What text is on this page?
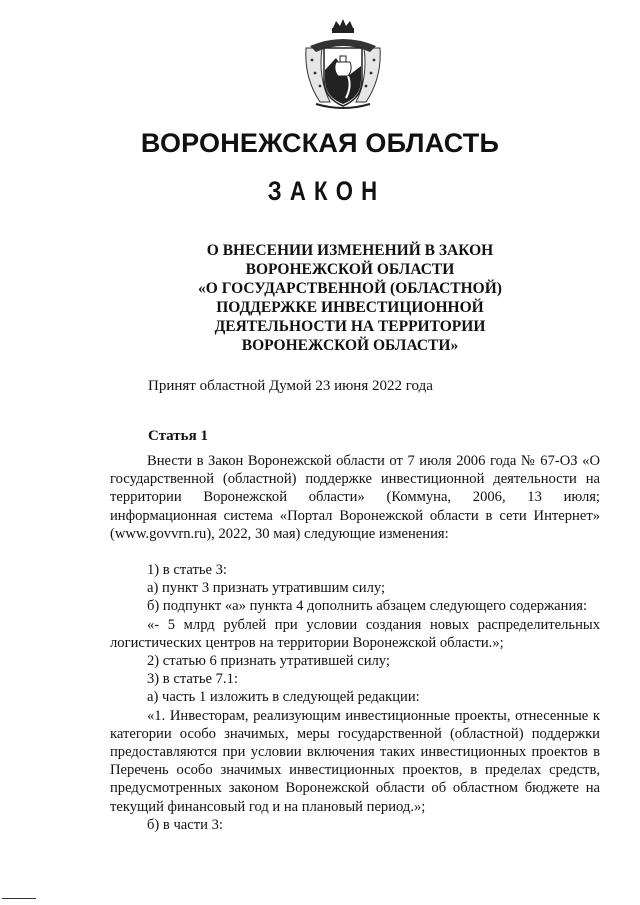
ВОРОНЕЖСКАЯ ОБЛАСТЬ
ЗАКОН
О ВНЕСЕНИИ ИЗМЕНЕНИЙ В ЗАКОН
ВОРОНЕЖСКОЙ ОБЛАСТИ
«О ГОСУДАРСТВЕННОЙ (ОБЛАСТНОЙ)
ПОДДЕРЖКЕ ИНВЕСТИЦИОННОЙ
ДЕЯТЕЛЬНОСТИ НА ТЕРРИТОРИИ
ВОРОНЕЖСКОЙ ОБЛАСТИ»
Принят областной Думой 23 июня 2022 года
Статья 1
Внести в Закон Воронежской области от 7 июля 2006 года № 67-ОЗ «О государственной (областной) поддержке инвестиционной деятельности на территории Воронежской области» (Коммуна, 2006, 13 июля; информационная система «Портал Воронежской области в сети Интернет» (www.govvrn.ru), 2022, 30 мая) следующие изменения:
1) в статье 3:
а) пункт 3 признать утратившим силу;
б) подпункт «а» пункта 4 дополнить абзацем следующего содержания:
«- 5 млрд рублей при условии создания новых распределительных логистических центров на территории Воронежской области.»;
2) статью 6 признать утратившей силу;
3) в статье 7.1:
а) часть 1 изложить в следующей редакции:
«1. Инвесторам, реализующим инвестиционные проекты, отнесенные к категории особо значимых, меры государственной (областной) поддержки предоставляются при условии включения таких инвестиционных проектов в Перечень особо значимых инвестиционных проектов, в пределах средств, предусмотренных законом Воронежской области об областном бюджете на текущий финансовый год и на плановый период.»;
б) в части 3:
